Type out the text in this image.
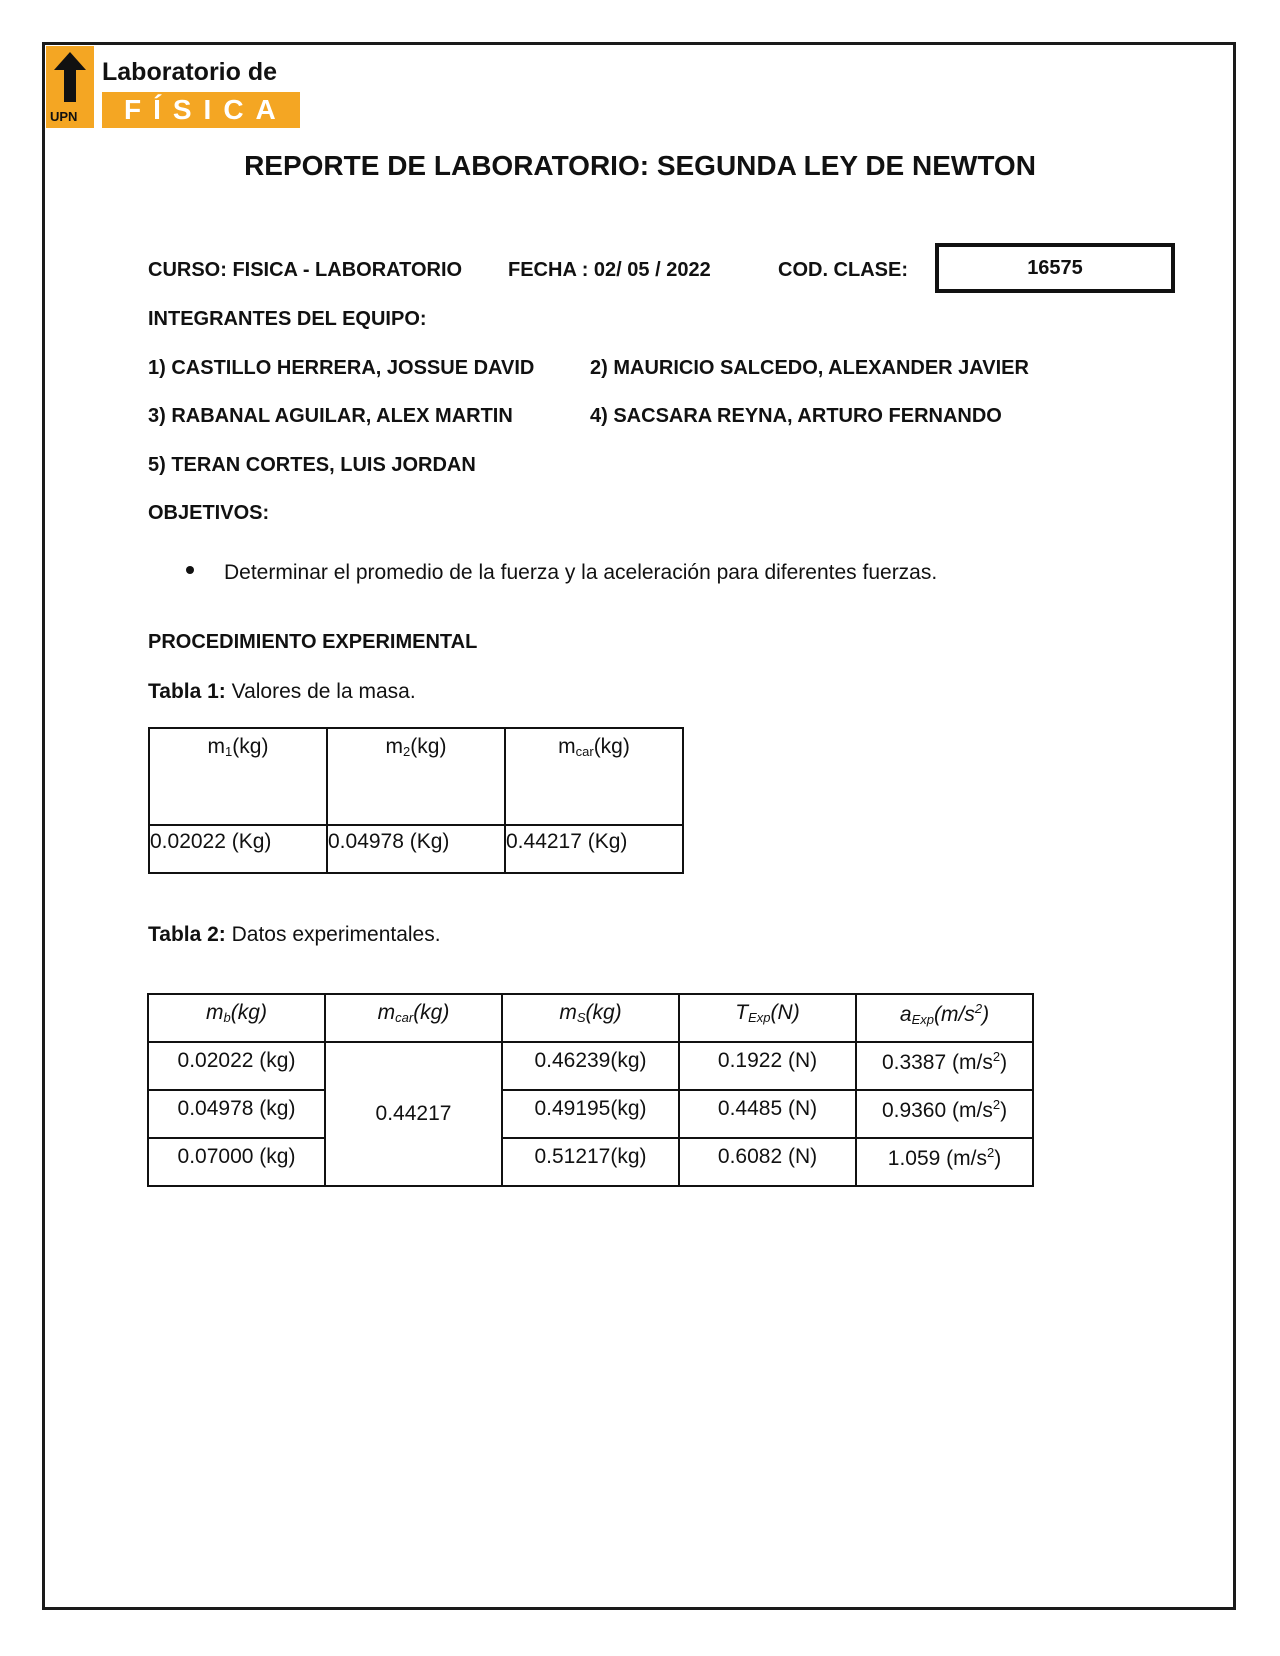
UPN
Laboratorio de
FÍSICA
REPORTE DE LABORATORIO: SEGUNDA LEY DE NEWTON
CURSO: FISICA - LABORATORIO FECHA : 02/ 05 / 2022	COD. CLASE:	16575
INTEGRANTES DEL EQUIPO:
1) CASTILLO HERRERA, JOSSUE DAVID	2) MAURICIO SALCEDO, ALEXANDER JAVIER
3) RABANAL AGUILAR, ALEX MARTIN	4) SACSARA REYNA, ARTURO FERNANDO
5) TERAN CORTES, LUIS JORDAN
OBJETIVOS:
Determinar el promedio de la fuerza y la aceleración para diferentes fuerzas.
PROCEDIMIENTO EXPERIMENTAL
Tabla 1: Valores de la masa.
$m_1(kg)$	$m_2(kg)$	$m_{car}(kg)$
0.02022 (Kg)	0.04978 (Kg)	0.44217 (Kg)
Tabla 2: Datos experimentales.
$m_b(kg)$	$m_{car}(kg)$	$m_S(kg)$	$T_{Exp}(N)$	$a_{Exp}(m/s^2)$
0.02022 (kg)	0.44217	0.46239(kg)	0.1922 (N)	0.3387 $(m/s^2)$
0.04978 (kg)		0.49195(kg)	0.4485 (N)	0.9360 $(m/s^2)$
0.07000 (kg)		0.51217(kg)	0.6082 (N)	1.059 $(m/s^2)$
